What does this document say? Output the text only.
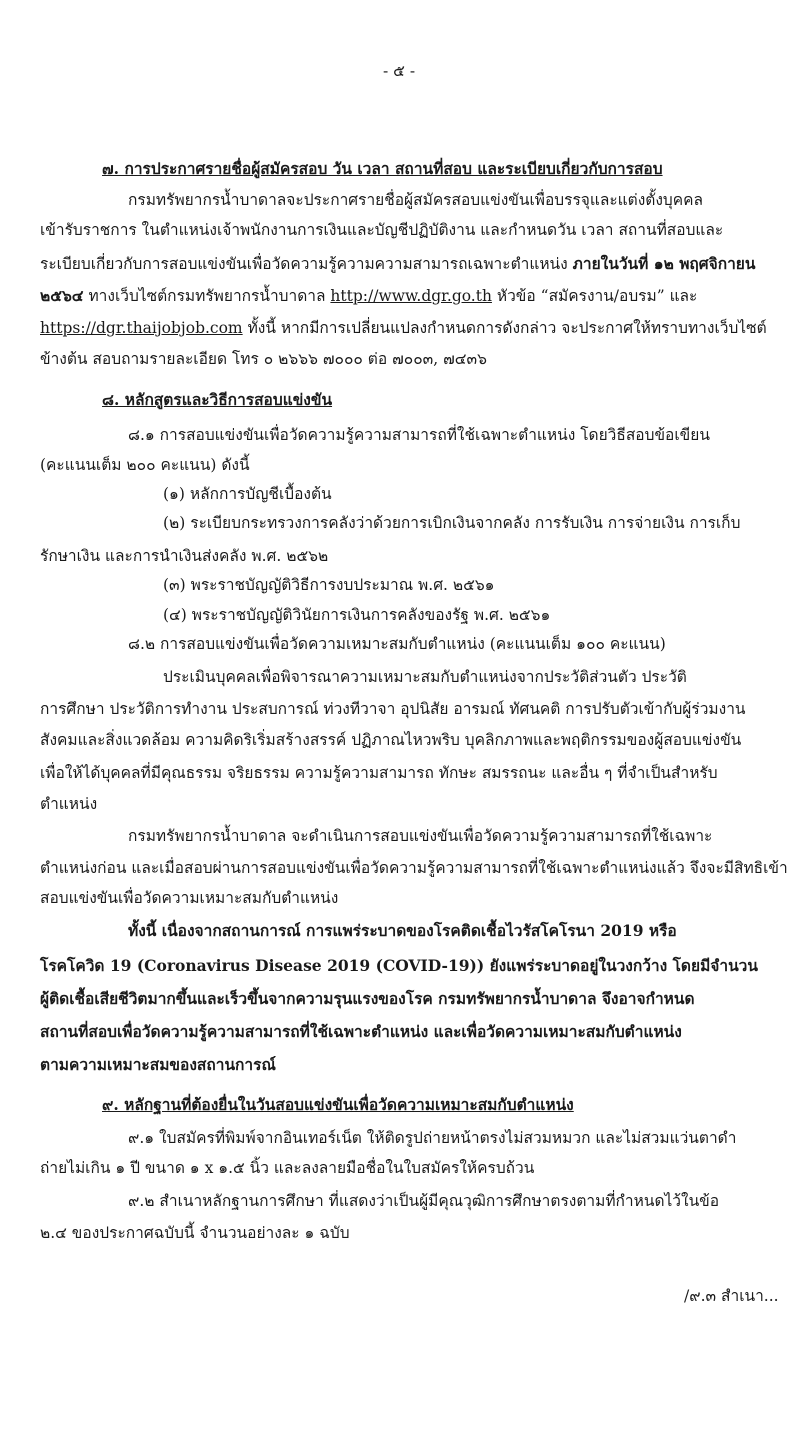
- ๕ -
๗. การประกาศรายชื่อผู้สมัครสอบ วัน เวลา สถานที่สอบ และระเบียบเกี่ยวกับการสอบ
กรมทรัพยากรน้ำบาดาลจะประกาศรายชื่อผู้สมัครสอบแข่งขันเพื่อบรรจุและแต่งตั้งบุคคล
เข้ารับราชการ ในตำแหน่งเจ้าพนักงานการเงินและบัญชีปฏิบัติงาน และกำหนดวัน เวลา สถานที่สอบและ
ระเบียบเกี่ยวกับการสอบแข่งขันเพื่อวัดความรู้ความความสามารถเฉพาะตำแหน่ง ภายในวันที่ ๑๒ พฤศจิกายน
๒๕๖๔ ทางเว็บไซต์กรมทรัพยากรน้ำบาดาล http://www.dgr.go.th หัวข้อ “สมัครงาน/อบรม” และ
https://dgr.thaijobjob.com ทั้งนี้ หากมีการเปลี่ยนแปลงกำหนดการดังกล่าว จะประกาศให้ทราบทางเว็บไซต์
ข้างต้น สอบถามรายละเอียด โทร ๐ ๒๖๖๖ ๗๐๐๐ ต่อ ๗๐๐๓, ๗๔๓๖
๘. หลักสูตรและวิธีการสอบแข่งขัน
๘.๑ การสอบแข่งขันเพื่อวัดความรู้ความสามารถที่ใช้เฉพาะตำแหน่ง โดยวิธีสอบข้อเขียน
(คะแนนเต็ม ๒๐๐ คะแนน) ดังนี้
(๑) หลักการบัญชีเบื้องต้น
(๒) ระเบียบกระทรวงการคลังว่าด้วยการเบิกเงินจากคลัง การรับเงิน การจ่ายเงิน การเก็บ
รักษาเงิน และการนำเงินส่งคลัง พ.ศ. ๒๕๖๒
(๓) พระราชบัญญัติวิธีการงบประมาณ พ.ศ. ๒๕๖๑
(๔) พระราชบัญญัติวินัยการเงินการคลังของรัฐ พ.ศ. ๒๕๖๑
๘.๒ การสอบแข่งขันเพื่อวัดความเหมาะสมกับตำแหน่ง (คะแนนเต็ม ๑๐๐ คะแนน)
ประเมินบุคคลเพื่อพิจารณาความเหมาะสมกับตำแหน่งจากประวัติส่วนตัว ประวัติ
การศึกษา ประวัติการทำงาน ประสบการณ์ ท่วงทีวาจา อุปนิสัย อารมณ์ ทัศนคติ การปรับตัวเข้ากับผู้ร่วมงาน
สังคมและสิ่งแวดล้อม ความคิดริเริ่มสร้างสรรค์ ปฏิภาณไหวพริบ บุคลิกภาพและพฤติกรรมของผู้สอบแข่งขัน
เพื่อให้ได้บุคคลที่มีคุณธรรม จริยธรรม ความรู้ความสามารถ ทักษะ สมรรถนะ และอื่น ๆ ที่จำเป็นสำหรับ
ตำแหน่ง
กรมทรัพยากรน้ำบาดาล จะดำเนินการสอบแข่งขันเพื่อวัดความรู้ความสามารถที่ใช้เฉพาะ
ตำแหน่งก่อน และเมื่อสอบผ่านการสอบแข่งขันเพื่อวัดความรู้ความสามารถที่ใช้เฉพาะตำแหน่งแล้ว จึงจะมีสิทธิเข้า
สอบแข่งขันเพื่อวัดความเหมาะสมกับตำแหน่ง
ทั้งนี้ เนื่องจากสถานการณ์ การแพร่ระบาดของโรคติดเชื้อไวรัสโคโรนา 2019 หรือ
โรคโควิด 19 (Coronavirus Disease 2019 (COVID-19)) ยังแพร่ระบาดอยู่ในวงกว้าง โดยมีจำนวน
ผู้ติดเชื้อเสียชีวิตมากขึ้นและเร็วขึ้นจากความรุนแรงของโรค กรมทรัพยากรน้ำบาดาล จึงอาจกำหนด
สถานที่สอบเพื่อวัดความรู้ความสามารถที่ใช้เฉพาะตำแหน่ง และเพื่อวัดความเหมาะสมกับตำแหน่ง
ตามความเหมาะสมของสถานการณ์
๙. หลักฐานที่ต้องยื่นในวันสอบแข่งขันเพื่อวัดความเหมาะสมกับตำแหน่ง
๙.๑ ใบสมัครที่พิมพ์จากอินเทอร์เน็ต ให้ติดรูปถ่ายหน้าตรงไม่สวมหมวก และไม่สวมแว่นตาดำ
ถ่ายไม่เกิน ๑ ปี ขนาด ๑ x ๑.๕ นิ้ว และลงลายมือชื่อในใบสมัครให้ครบถ้วน
๙.๒ สำเนาหลักฐานการศึกษา ที่แสดงว่าเป็นผู้มีคุณวุฒิการศึกษาตรงตามที่กำหนดไว้ในข้อ
๒.๔ ของประกาศฉบับนี้ จำนวนอย่างละ ๑ ฉบับ
/๙.๓ สำเนา...
